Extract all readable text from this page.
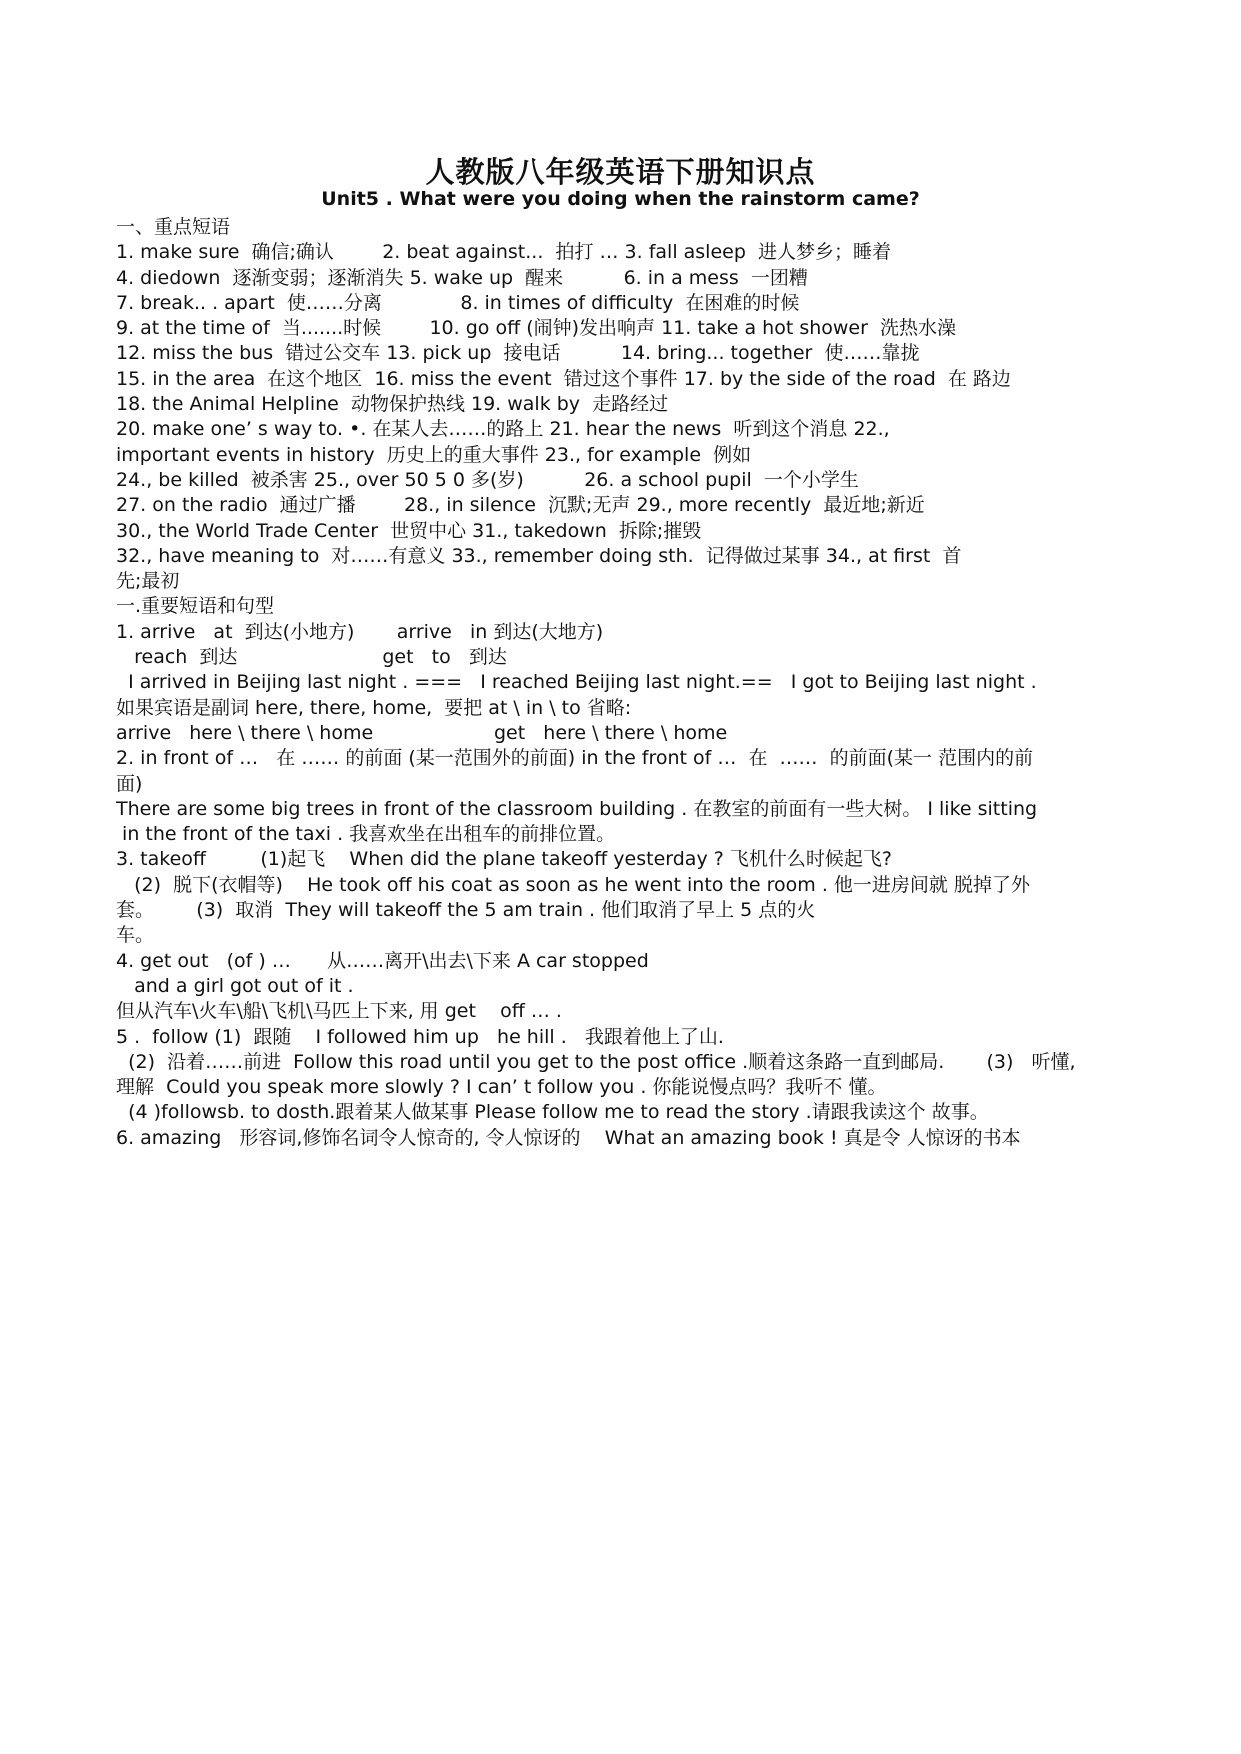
人教版八年级英语下册知识点
Unit5 . What were you doing when the rainstorm came?
一、重点短语
1. make sure  确信;确认        2. beat against...  拍打 … 3. fall asleep  进人梦乡；睡着
4. diedown  逐渐变弱；逐渐消失 5. wake up  醒来          6. in a mess  一团糟
7. break.. . apart  使……分离             8. in times of difficulty  在困难的时候
9. at the time of  当.......时候        10. go off (闹钟)发出响声 11. take a hot shower  洗热水澡
12. miss the bus  错过公交车 13. pick up  接电话          14. bring... together  使……靠拢
15. in the area  在这个地区  16. miss the event  错过这个事件 17. by the side of the road  在 路边
18. the Animal Helpline  动物保护热线 19. walk by  走路经过
20. make one’ s way to. •. 在某人去……的路上 21. hear the news  听到这个消息 22.,
important events in history  历史上的重大事件 23., for example  例如
24., be killed  被杀害 25., over 50 5 0 多(岁)          26. a school pupil  一个小学生
27. on the radio  通过广播        28., in silence  沉默;无声 29., more recently  最近地;新近
30., the World Trade Center  世贸中心 31., takedown  拆除;摧毁
32., have meaning to  对……有意义 33., remember doing sth.  记得做过某事 34., at first  首
先;最初
一.重要短语和句型
1. arrive   at  到达(小地方)       arrive   in 到达(大地方)
reach  到达                        get   to   到达
I arrived in Beijing last night . ===   I reached Beijing last night.==   I got to Beijing last night .
如果宾语是副词 here, there, home,  要把 at \ in \ to 省略:
arrive   here \ there \ home                    get   here \ there \ home
2. in front of …   在 …… 的前面 (某一范围外的前面) in the front of …  在  ……  的前面(某一 范围内的前
面)
There are some big trees in front of the classroom building . 在教室的前面有一些大树。 I like sitting
in the front of the taxi . 我喜欢坐在出租车的前排位置。
3. takeoff         (1)起飞    When did the plane takeoff yesterday ? 飞机什么时候起飞?
(2)  脱下(衣帽等)    He took off his coat as soon as he went into the room . 他一进房间就 脱掉了外
套。       (3)  取消  They will takeoff the 5 am train . 他们取消了早上 5 点的火
车。
4. get out   (of ) …      从……离开\出去\下来 A car stopped
and a girl got out of it .
但从汽车\火车\船\飞机\马匹上下来, 用 get    off … .
5 .  follow (1)  跟随    I followed him up   he hill .   我跟着他上了山.
(2)  沿着……前进  Follow this road until you get to the post office .顺着这条路一直到邮局.       (3)   听懂,
理解  Could you speak more slowly ? I can’ t follow you . 你能说慢点吗？我听不 懂。
(4 )followsb. to dosth.跟着某人做某事 Please follow me to read the story .请跟我读这个 故事。
6. amazing   形容词,修饰名词令人惊奇的, 令人惊讶的    What an amazing book ! 真是令 人惊讶的书本
